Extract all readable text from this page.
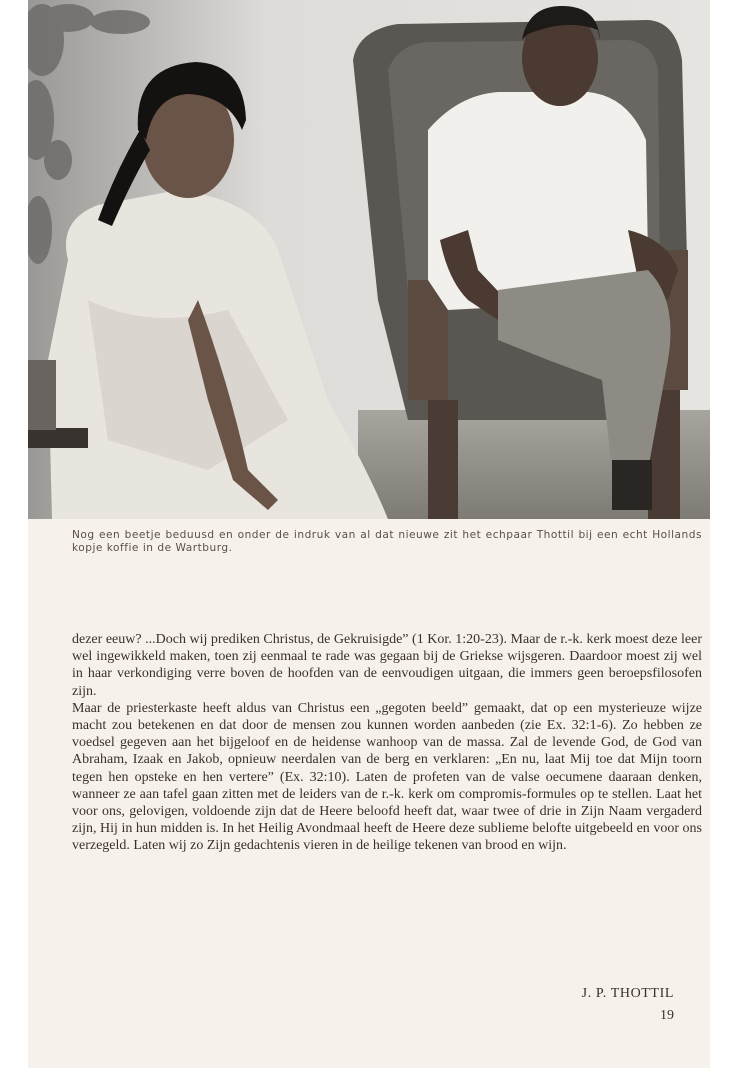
Nog een beetje beduusd en onder de indruk van al dat nieuwe zit het echpaar Thottil bij een echt Hollands kopje koffie in de Wartburg.

dezer eeuw? ...Doch wij prediken Christus, de Gekruisigde” (1 Kor. 1:20-23). Maar de r.-k. kerk moest deze leer wel ingewikkeld maken, toen zij eenmaal te rade was gegaan bij de Griekse wijsgeren. Daardoor moest zij wel in haar verkondiging verre boven de hoofden van de eenvoudigen uitgaan, die immers geen beroepsfilosofen zijn.

Maar de priesterkaste heeft aldus van Christus een „gegoten beeld” gemaakt, dat op een mysterieuze wijze macht zou betekenen en dat door de mensen zou kunnen worden aanbeden (zie Ex. 32:1-6). Zo hebben ze voedsel gegeven aan het bijgeloof en de heidense wanhoop van de massa. Zal de levende God, de God van Abraham, Izaak en Jakob, opnieuw neerdalen van de berg en verklaren: „En nu, laat Mij toe dat Mijn toorn tegen hen opsteke en hen vertere” (Ex. 32:10). Laten de profeten van de valse oecumene daaraan denken, wanneer ze aan tafel gaan zitten met de leiders van de r.-k. kerk om compromis-formules op te stellen. Laat het voor ons, gelovigen, voldoende zijn dat de Heere beloofd heeft dat, waar twee of drie in Zijn Naam vergaderd zijn, Hij in hun midden is. In het Heilig Avondmaal heeft de Heere deze sublieme belofte uitgebeeld en voor ons verzegeld. Laten wij zo Zijn gedachtenis vieren in de heilige tekenen van brood en wijn.

J. P. THOTTIL

19
